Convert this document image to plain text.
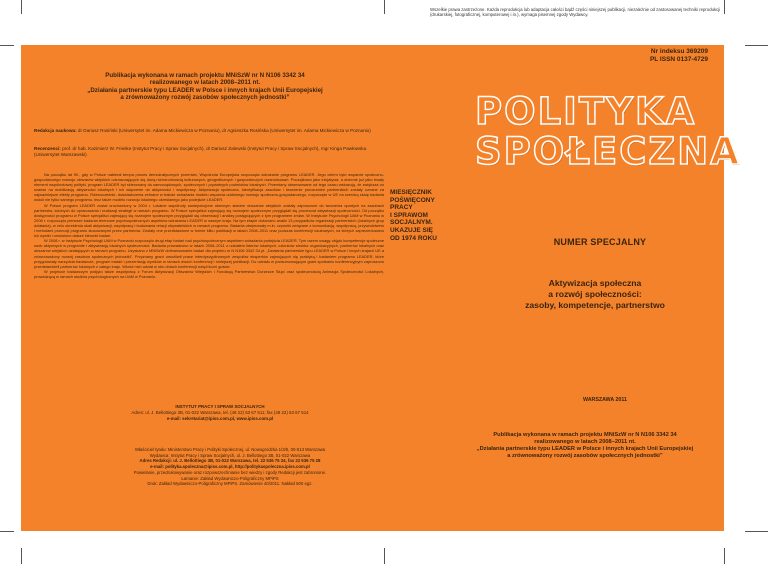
Wszelkie prawa zastrzeżone. Każda reprodukcja lub adaptacja całości bądź części niniejszej publikacji, niezależnie od zastosowanej techniki reprodukcji (drukarskiej, fotograficznej, komputerowej i in.), wymaga pisemnej zgody Wydawcy.
Nr indeksu 369209
PL ISSN 0137-4729
Publikacja wykonana w ramach projektu MNiSzW nr N N106 3342 34
realizowanego w latach 2008–2011 nt.
„Działania partnerskie typu LEADER w Polsce i innych krajach Unii Europejskiej
a zrównoważony rozwój zasobów społecznych jednostki”
Redakcja naukowa: dr Dariusz Rosiński (Uniwersytet im. Adama Mickiewicza w Poznaniu), dr Agnieszka Rosińska (Uniwersytet im. Adama Mickiewicza w Poznaniu)
Recenzenci: prof. dr hab. Kazimierz W. Frieske (Instytut Pracy i Spraw Socjalnych), dr Dariusz Zalewski (Instytut Pracy i Spraw Socjalnych), mgr Kinga Pawłowska (Uniwersytet Warszawski)

Na początku lat 90., gdy w Polsce nabierał tempa proces demokratycznych przemian, Wspólnota Europejska rozpoczęła wdrażanie programu LEADER. Jego celem było wsparcie społeczno-gospodarczego rozwoju obszarów wiejskich odznaczających się dużą różnorodnością kulturowych, geograficznych i gospodarczych uwarunkowań. Początkowo jako inicjatywa, a obecnie już jako trwały element wspólnotowej polityki, program LEADER był skierowany do samorządowych, społecznych i prywatnych podmiotów lokalnych. Przemiany obserwowane od tego czasu wskazują, że zwiększa on szanse na mobilizację aktywności lokalnych i ich włączenie do aktywności i współpracy. Aktywizacja społeczna, identyfikacja zasobów i tworzenie porozumień partnerskich zostały uznane za najważniejsze efekty programu. Równocześnie, doświadczenia zebrane w trakcie wdrażania modelu wsparcia oddolnego rozwoju społeczno-gospodarczego, rozpoczęte w UE na szeroką skalę badania wokół nie tylko samego programu, lecz także modelu rozwoju lokalnego określanego jako podejście LEADER.

W Polsce program LEADER został uruchomiony w 2004 r. Lokalne wspólnoty zaniepokojone obecnym stanem obszarów wiejskich zostały zaproszone do tworzenia opartych na zasobach partnerstw, zdolnych do opracowania i realizacji strategii w ramach programu. W Polsce specjaliści zajmujący się rozwojem społecznym przyglądali się procesowi aktywizacji społeczności. Od początku dostępności programu w Polsce specjaliści zajmujący się rozwojem społecznym przyglądali się obserwacji i analizy postępujących z tym programem zmian. W Instytucie Psychologii UAM w Poznaniu w 2008 r. rozpoczęto pierwsze badania terenowe psychospołecznych aspektów wdrażania LEADER w naszym kraju. Na tym etapie dokonano analiz 13 przypadków organizacji partnerskich (lokalnych grup działania), w celu określenia skali aktywizacji, współpracy i budowania relacji obywatelskich w ramach programu. Badania obejmowały m.in. czynniki związane z komunikacją, współpracą, przywództwem i metodami promocji programu stosowanymi przez partnerów. Zostały one przedstawione w formie kilku publikacji w latach 2008–2011 oraz podczas konferencji naukowych, na których zaprezentowano ich wyniki i omówiono dalsze kierunki badań.

W 2008 r. w Instytucie Psychologii UAM w Poznaniu rozpoczęto drugi etap badań nad psychospołecznym aspektem wdrażania podejścia LEADER. Tym razem uwagę objęto kompetencje społeczne osób aktywnych w programie i aktywizację lokalnych społeczności. Badania prowadzono w latach 2008–2011 z udziałem liderów lokalnych, członków struktur organizacyjnych, partnerów lokalnych oraz obszarów wiejskich działających w ramach programu. Uzyskano z MNiSzW dofinansowanie badań dla projektu nr N N106 3342 34 pt. „Działania partnerskie typu LEADER w Polsce i innych krajach UE a zrównoważony rozwój zasobów społecznych jednostki”. Przyznany grant umożliwił prace interdyscyplinarnych zespołów ekspertów zajmujących się praktyką i badaniem programu LEADER, które przygotowały narzędzia badawcze, program badań i prezentację wyników w ramach dwóch konferencji i niniejszej publikacji. Do udziału w podsumowującym grant spotkaniu konferencyjnym zaproszono przedstawicieli partnerów lokalnych z całego kraju. Wśród nich udział w obu dniach konferencji wzięli liczni goście.

W projekcie badawczym podjęto także współpracę z Forum Aktywizacji Obszarów Wiejskich i Fundacją Partnerstwo Dorzecze Słupi oraz społecznością Animacja Społeczności Lokalnych, prowadzącą w ramach studiów psychologicznych na UAM w Poznaniu.

POLITYKA
SPOŁECZNA
MIESIĘCZNIK
POŚWIĘCONY
PRACY
I SPRAWOM
SOCJALNYM.
UKAZUJE SIĘ
OD 1974 ROKU	NUMER SPECJALNY
Aktywizacja społeczna
a rozwój społeczności:
zasoby, kompetencje, partnerstwo
WARSZAWA 2011
Publikacja wykonana w ramach projektu MNiSzW nr N N106 3342 34
realizowanego w latach 2008–2011 nt.
„Działania partnerskie typu LEADER w Polsce i innych krajach Unii Europejskiej
a zrównoważony rozwój zasobów społecznych jednostki”
INSTYTUT PRACY I SPRAW SOCJALNYCH
Adres: ul. J. Bellottiego 3B, 01-022 Warszawa, tel. (48 22) 53 67 511; fax (48 22) 53 67 514
e-mail: sekretariat@ipiss.com.pl, www.ipiss.com.pl
Właściciel tytułu: Ministerstwo Pracy i Polityki Społecznej, ul. Nowogrodzka 1/3/5, 00-513 Warszawa
Wydawca: Instytut Pracy i Spraw Socjalnych, ul. J. Bellottiego 3B, 01-022 Warszawa
Adres Redakcji: ul. J. Bellottiego 3B, 01-022 Warszawa, tel. 22 536 75 34, fax 22 536 75 28
e-mail: polityka.spoleczna@ipiss.com.pl, http://politykaspoleczna.ipiss.com.pl
Powielanie, przedrukowywanie oraz rozpowszechnianie bez wiedzy i zgody Redakcji jest zabronione.
Łamanie: Zakład Wydawniczo-Poligraficzny MPiPS
Druk: Zakład Wydawniczo-Poligraficzny MPiPS. Zamówienie 40/2011. Nakład 500 egz.
